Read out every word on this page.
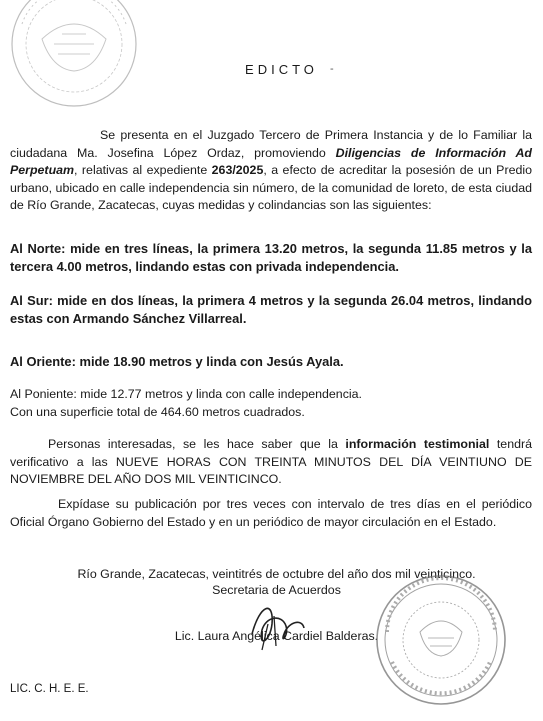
EDICTO	-
Se presenta en el Juzgado Tercero de Primera Instancia y de lo Familiar la ciudadana Ma. Josefina López Ordaz, promoviendo Diligencias de Información Ad Perpetuam, relativas al expediente 263/2025, a efecto de acreditar la posesión de un Predio urbano, ubicado en calle independencia sin número, de la comunidad de loreto, de esta ciudad de Río Grande, Zacatecas, cuyas medidas y colindancias son las siguientes:
Al Norte: mide en tres líneas, la primera 13.20 metros, la segunda 11.85 metros y la tercera 4.00 metros, lindando estas con privada independencia.
Al Sur: mide en dos líneas, la primera 4 metros y la segunda 26.04 metros, lindando estas con Armando Sánchez Villarreal.
Al Oriente: mide 18.90 metros y linda con Jesús Ayala.
Al Poniente: mide 12.77 metros y linda con calle independencia.
Con una superficie total de 464.60 metros cuadrados.
Personas interesadas, se les hace saber que la información testimonial tendrá verificativo a las NUEVE HORAS CON TREINTA MINUTOS DEL DÍA VEINTIUNO DE NOVIEMBRE DEL AÑO DOS MIL VEINTICINCO.
Expídase su publicación por tres veces con intervalo de tres días en el periódico Oficial Órgano Gobierno del Estado y en un periódico de mayor circulación en el Estado.
Río Grande, Zacatecas, veintitrés de octubre del año dos mil veinticinco.
Secretaria de Acuerdos
Lic. Laura Angélica Cardiel Balderas.
LIC. C. H. E. E.
